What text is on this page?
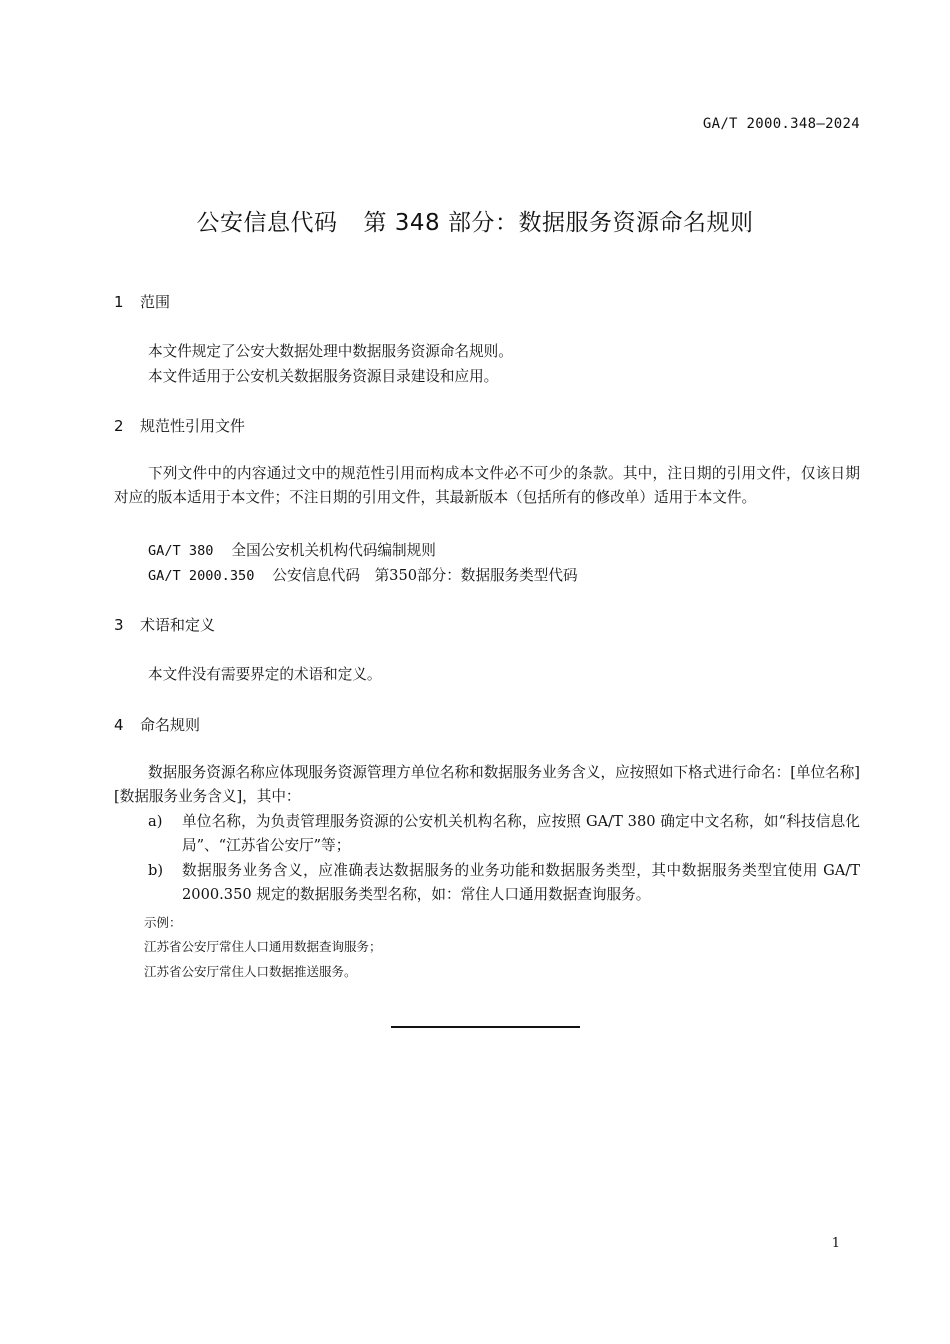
GA/T 2000.348—2024
公安信息代码 第 348 部分：数据服务资源命名规则
1 范围
本文件规定了公安大数据处理中数据服务资源命名规则。
本文件适用于公安机关数据服务资源目录建设和应用。
2 规范性引用文件
下列文件中的内容通过文中的规范性引用而构成本文件必不可少的条款。其中，注日期的引用文件，仅该日期对应的版本适用于本文件；不注日期的引用文件，其最新版本（包括所有的修改单）适用于本文件。
GA/T 380 全国公安机关机构代码编制规则
GA/T 2000.350 公安信息代码　第350部分：数据服务类型代码
3 术语和定义
本文件没有需要界定的术语和定义。
4 命名规则
数据服务资源名称应体现服务资源管理方单位名称和数据服务业务含义，应按照如下格式进行命名：[单位名称][数据服务业务含义]，其中：
a) 单位名称，为负责管理服务资源的公安机关机构名称，应按照 GA/T 380 确定中文名称，如“科技信息化局”、“江苏省公安厅”等；
b) 数据服务业务含义，应准确表达数据服务的业务功能和数据服务类型，其中数据服务类型宜使用 GA/T 2000.350 规定的数据服务类型名称，如：常住人口通用数据查询服务。
示例：
江苏省公安厅常住人口通用数据查询服务；
江苏省公安厅常住人口数据推送服务。
1
